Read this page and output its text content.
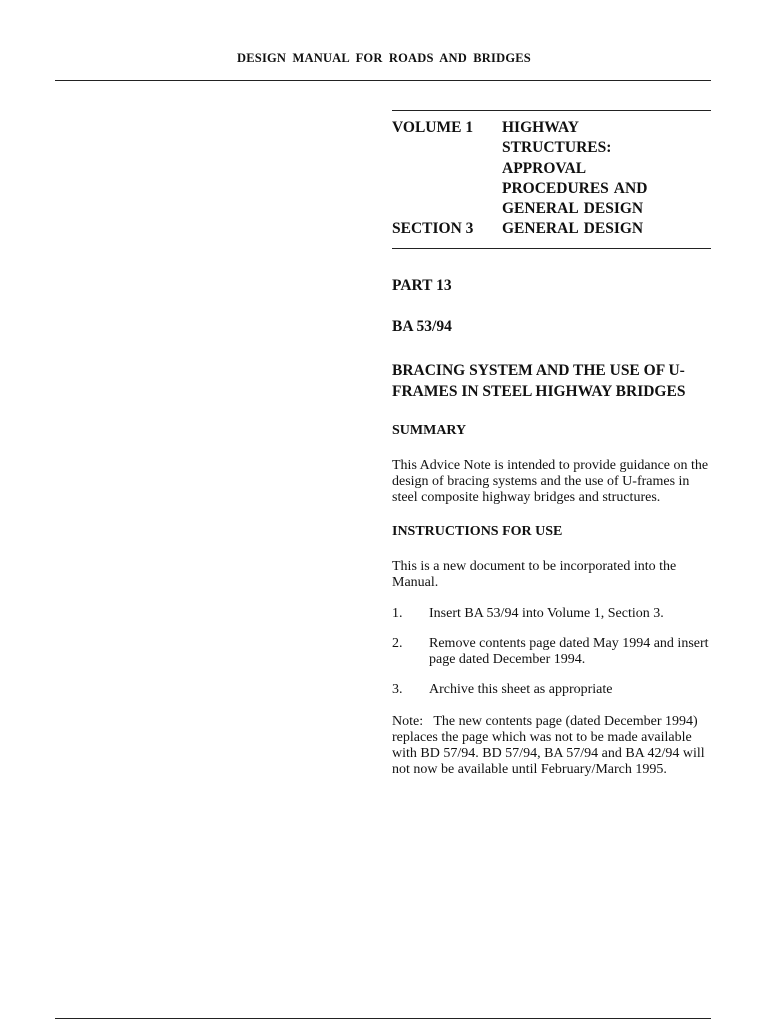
DESIGN MANUAL FOR ROADS AND BRIDGES
VOLUME 1	HIGHWAY
STRUCTURES:
APPROVAL
PROCEDURES AND
GENERAL DESIGN
SECTION 3	GENERAL DESIGN
PART 13
BA 53/94
BRACING SYSTEM AND THE USE OF U-
FRAMES IN STEEL HIGHWAY BRIDGES
SUMMARY
This Advice Note is intended to provide guidance on the
design of bracing systems and the use of U-frames in
steel composite highway bridges and structures.
INSTRUCTIONS FOR USE
This is a new document to be incorporated into the
Manual.
1.	Insert BA 53/94 into Volume 1, Section 3.
2.	Remove contents page dated May 1994 and insert
page dated December 1994.
3.	Archive this sheet as appropriate
Note:   The new contents page (dated December 1994)
replaces the page which was not to be made available
with BD 57/94. BD 57/94, BA 57/94 and BA 42/94 will
not now be available until February/March 1995.
